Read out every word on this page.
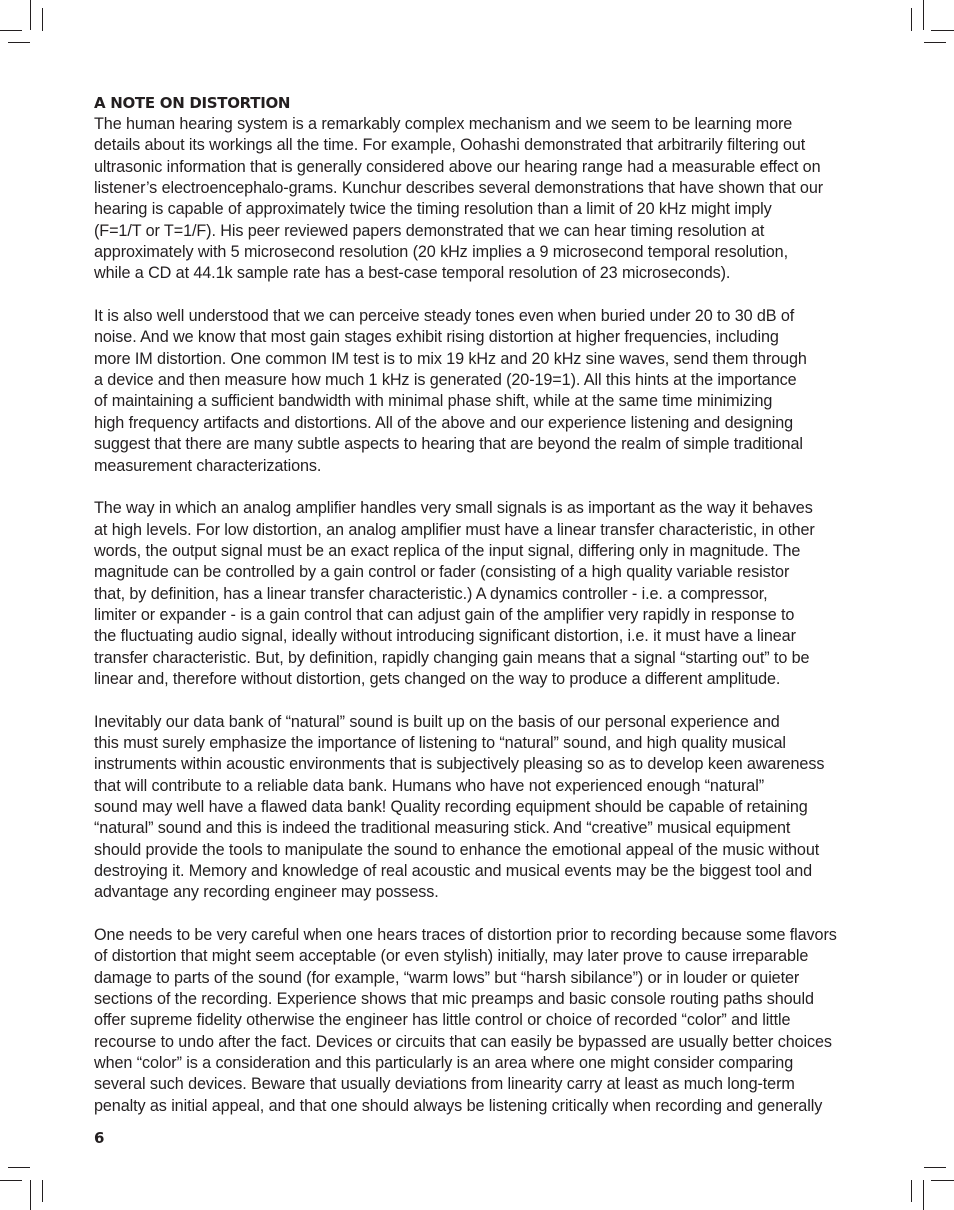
A NOTE ON DISTORTION

The human hearing system is a remarkably complex mechanism and we seem to be learning more
details about its workings all the time. For example, Oohashi demonstrated that arbitrarily filtering out
ultrasonic information that is generally considered above our hearing range had a measurable effect on
listener’s electroencephalo-grams. Kunchur describes several demonstrations that have shown that our
hearing is capable of approximately twice the timing resolution than a limit of 20 kHz might imply
(F=1/T or T=1/F). His peer reviewed papers demonstrated that we can hear timing resolution at
approximately with 5 microsecond resolution (20 kHz implies a 9 microsecond temporal resolution,
while a CD at 44.1k sample rate has a best-case temporal resolution of 23 microseconds).

It is also well understood that we can perceive steady tones even when buried under 20 to 30 dB of
noise. And we know that most gain stages exhibit rising distortion at higher frequencies, including
more IM distortion. One common IM test is to mix 19 kHz and 20 kHz sine waves, send them through
a device and then measure how much 1 kHz is generated (20-19=1). All this hints at the importance
of maintaining a sufficient bandwidth with minimal phase shift, while at the same time minimizing
high frequency artifacts and distortions. All of the above and our experience listening and designing
suggest that there are many subtle aspects to hearing that are beyond the realm of simple traditional
measurement characterizations.

The way in which an analog amplifier handles very small signals is as important as the way it behaves
at high levels. For low distortion, an analog amplifier must have a linear transfer characteristic, in other
words, the output signal must be an exact replica of the input signal, differing only in magnitude. The
magnitude can be controlled by a gain control or fader (consisting of a high quality variable resistor
that, by definition, has a linear transfer characteristic.) A dynamics controller - i.e. a compressor,
limiter or expander - is a gain control that can adjust gain of the amplifier very rapidly in response to
the fluctuating audio signal, ideally without introducing significant distortion, i.e. it must have a linear
transfer characteristic. But, by definition, rapidly changing gain means that a signal “starting out” to be
linear and, therefore without distortion, gets changed on the way to produce a different amplitude.

Inevitably our data bank of “natural” sound is built up on the basis of our personal experience and
this must surely emphasize the importance of listening to “natural” sound, and high quality musical
instruments within acoustic environments that is subjectively pleasing so as to develop keen awareness
that will contribute to a reliable data bank. Humans who have not experienced enough “natural”
sound may well have a flawed data bank! Quality recording equipment should be capable of retaining
“natural” sound and this is indeed the traditional measuring stick. And “creative” musical equipment
should provide the tools to manipulate the sound to enhance the emotional appeal of the music without
destroying it. Memory and knowledge of real acoustic and musical events may be the biggest tool and
advantage any recording engineer may possess.

One needs to be very careful when one hears traces of distortion prior to recording because some flavors
of distortion that might seem acceptable (or even stylish) initially, may later prove to cause irreparable
damage to parts of the sound (for example, “warm lows” but “harsh sibilance”) or in louder or quieter
sections of the recording. Experience shows that mic preamps and basic console routing paths should
offer supreme fidelity otherwise the engineer has little control or choice of recorded “color” and little
recourse to undo after the fact. Devices or circuits that can easily be bypassed are usually better choices
when “color” is a consideration and this particularly is an area where one might consider comparing
several such devices. Beware that usually deviations from linearity carry at least as much long-term
penalty as initial appeal, and that one should always be listening critically when recording and generally

6
